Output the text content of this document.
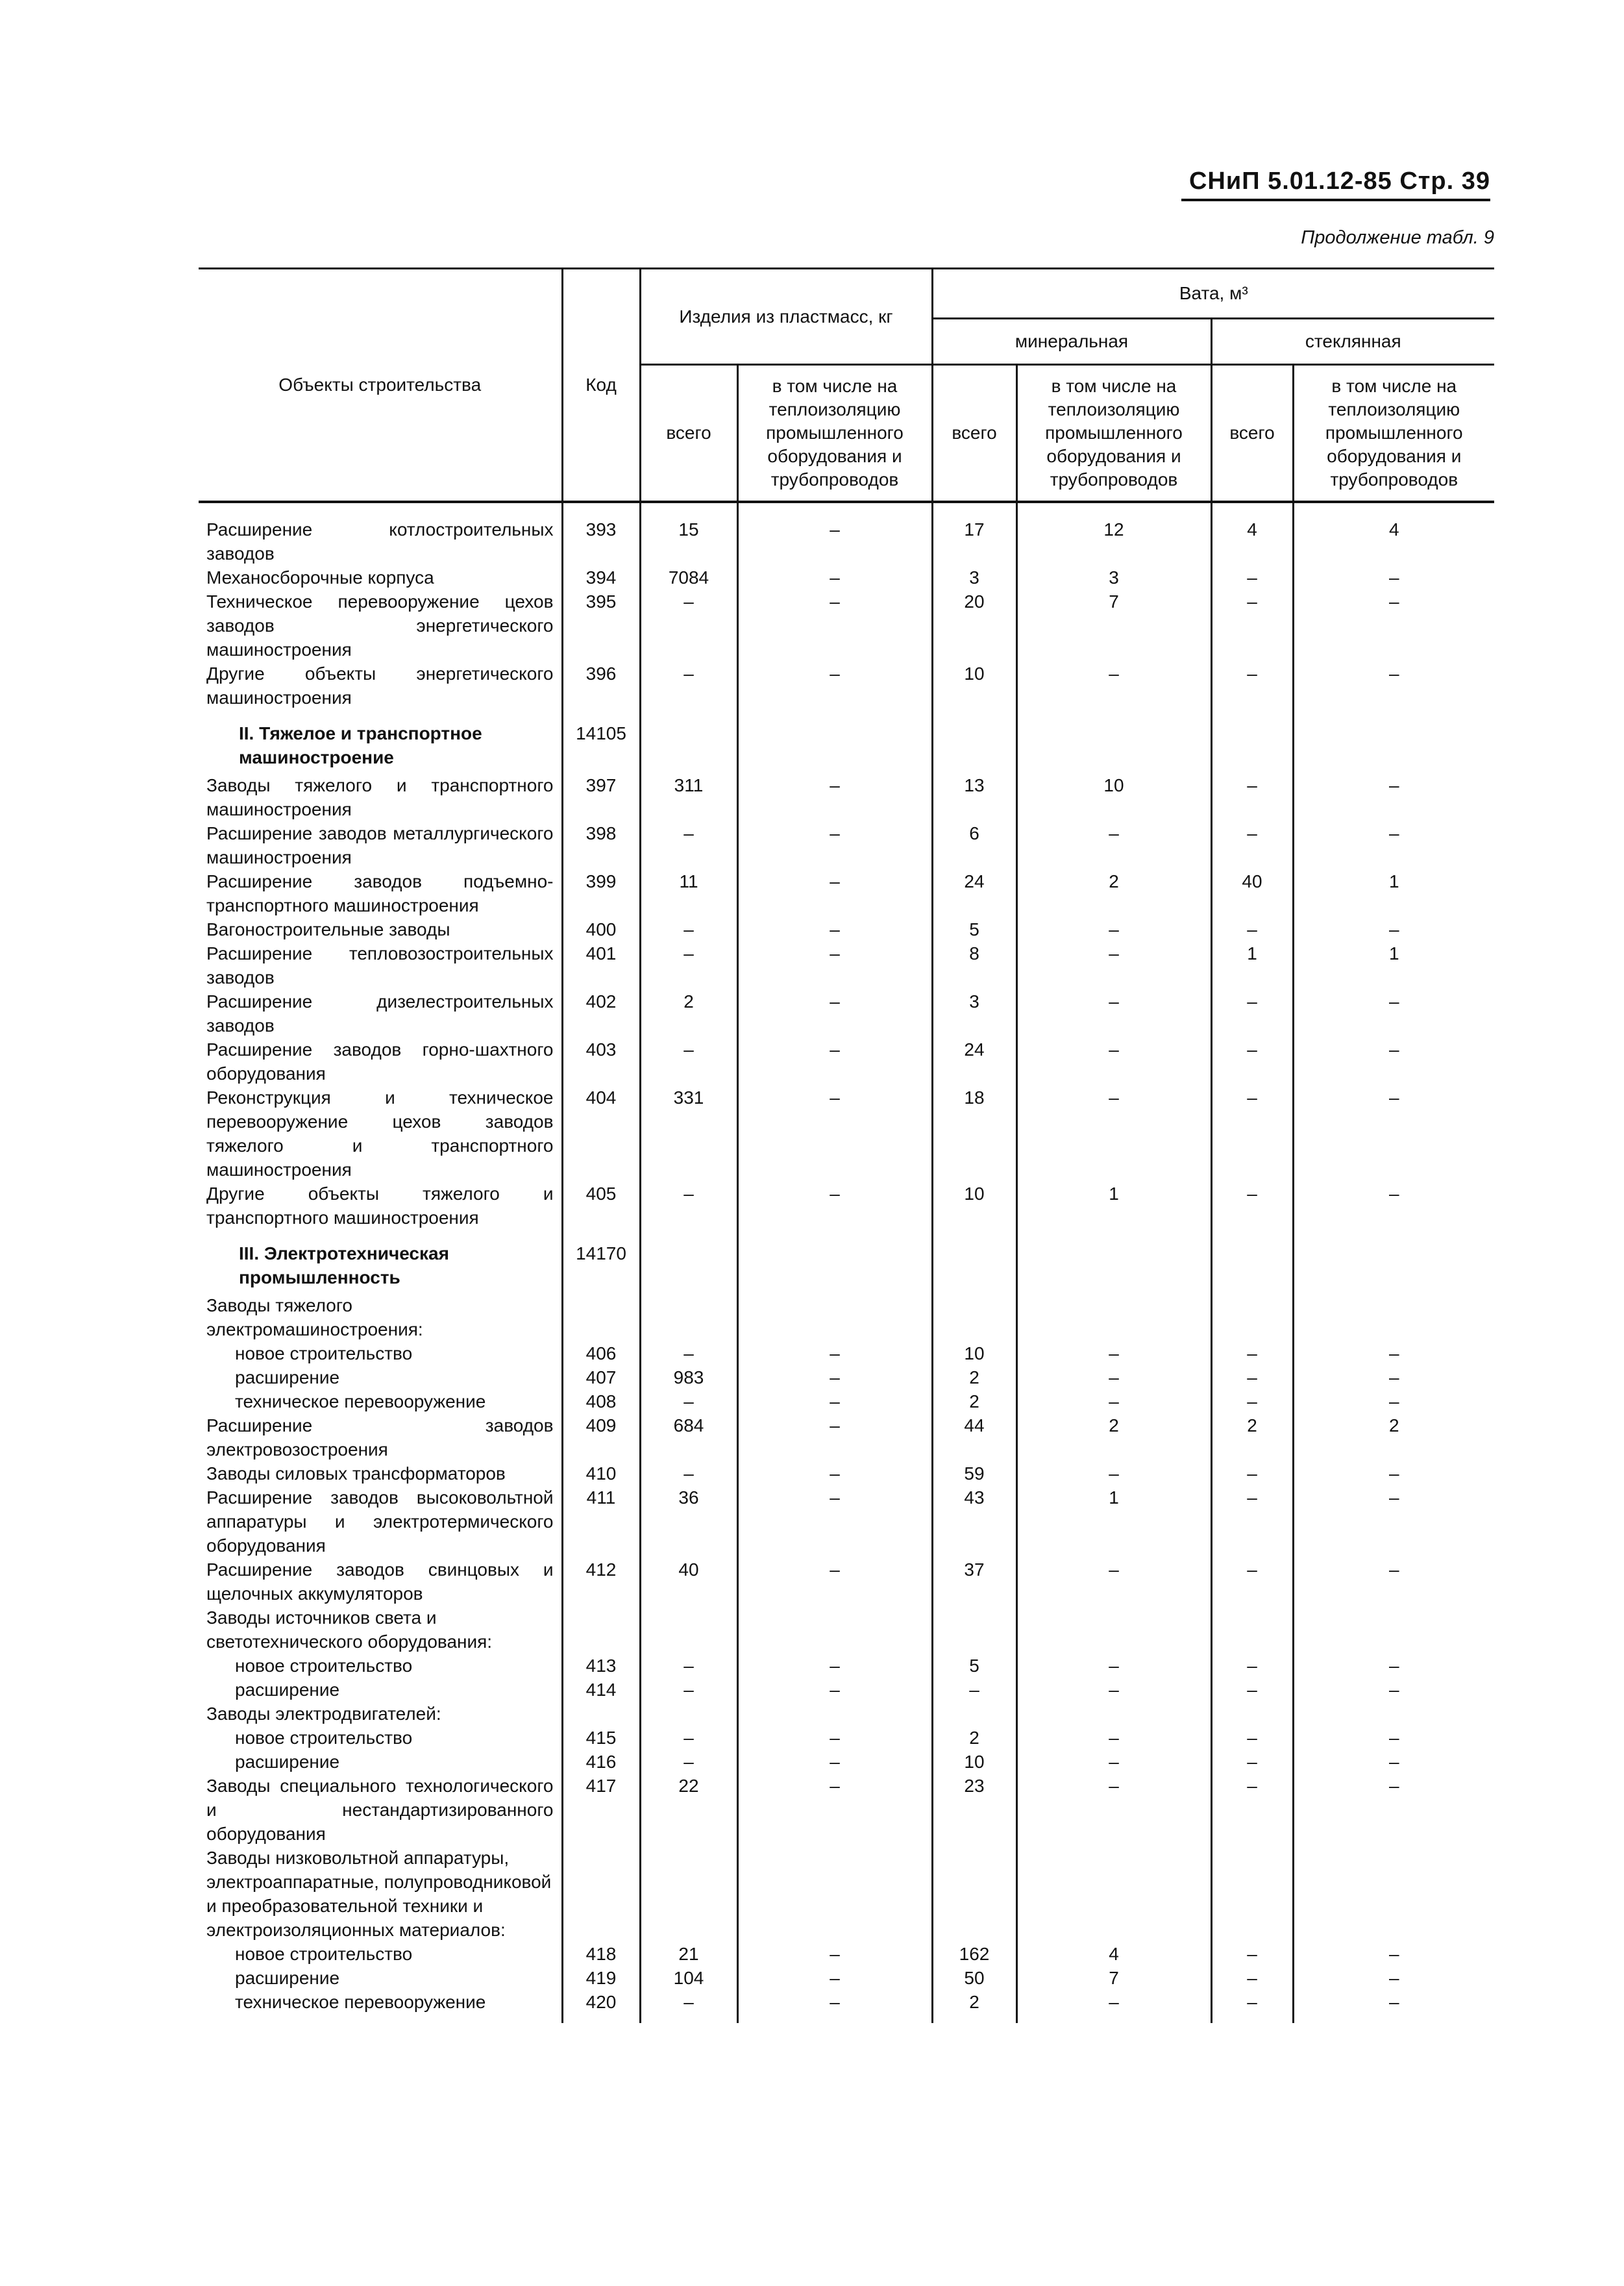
СНиП 5.01.12-85 Стр. 39
Продолжение табл. 9
Объекты строительства	Код	Изделия из пластмасс, кг		Вата, м³			
				минеральная		стеклянная	
		всего	в том числе на теплоизоляцию промышленного оборудования и трубопроводов	всего	в том числе на теплоизоляцию промышленного оборудования и трубопроводов	всего	в том числе на теплоизоляцию промышленного оборудования и трубопроводов
Расширение котлостроительных заводов	393	15	–	17	12	4	4
Механосборочные корпуса	394	7084	–	3	3	–	–
Техническое перевооружение цехов заводов энергетического машиностроения	395	–	–	20	7	–	–
Другие объекты энергетического машиностроения	396	–	–	10	–	–	–
II. Тяжелое и транспортное машиностроение	14105						
Заводы тяжелого и транспортного машиностроения	397	311	–	13	10	–	–
Расширение заводов металлургического машиностроения	398	–	–	6	–	–	–
Расширение заводов подъемно-транспортного машиностроения	399	11	–	24	2	40	1
Вагоностроительные заводы	400	–	–	5	–	–	–
Расширение тепловозостроительных заводов	401	–	–	8	–	1	1
Расширение дизелестроительных заводов	402	2	–	3	–	–	–
Расширение заводов горно-шахтного оборудования	403	–	–	24	–	–	–
Реконструкция и техническое перевооружение цехов заводов тяжелого и транспортного машиностроения	404	331	–	18	–	–	–
Другие объекты тяжелого и транспортного машиностроения	405	–	–	10	1	–	–
III. Электротехническая промышленность	14170						
Заводы тяжелого электромашиностроения:							
новое строительство	406	–	–	10	–	–	–
расширение	407	983	–	2	–	–	–
техническое перевооружение	408	–	–	2	–	–	–
Расширение заводов электровозостроения	409	684	–	44	2	2	2
Заводы силовых трансформаторов	410	–	–	59	–	–	–
Расширение заводов высоковольтной аппаратуры и электротермического оборудования	411	36	–	43	1	–	–
Расширение заводов свинцовых и щелочных аккумуляторов	412	40	–	37	–	–	–
Заводы источников света и светотехнического оборудования:							
новое строительство	413	–	–	5	–	–	–
расширение	414	–	–	–	–	–	–
Заводы электродвигателей:							
новое строительство	415	–	–	2	–	–	–
расширение	416	–	–	10	–	–	–
Заводы специального технологического и нестандартизированного оборудования	417	22	–	23	–	–	–
Заводы низковольтной аппаратуры, электроаппаратные, полупроводниковой и преобразовательной техники и электроизоляционных материалов:							
новое строительство	418	21	–	162	4	–	–
расширение	419	104	–	50	7	–	–
техническое перевооружение	420	–	–	2	–	–	–
